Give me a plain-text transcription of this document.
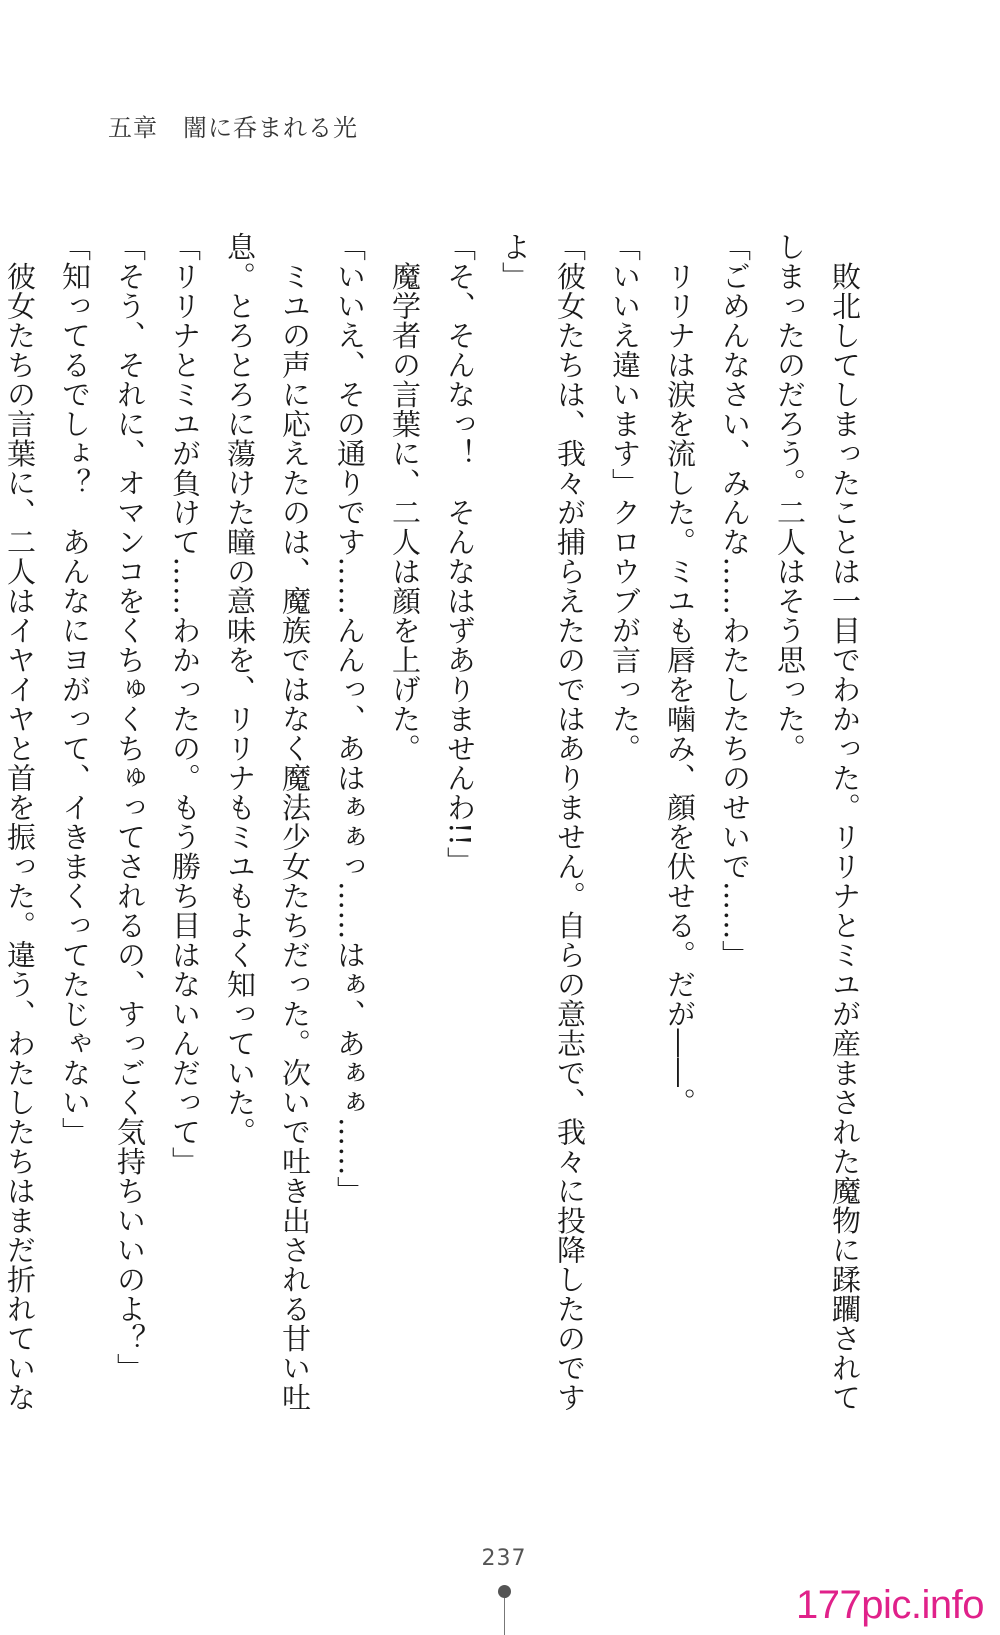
五章　闇に呑まれる光
　敗北してしまったことは一目でわかった。リリナとミユが産まされた魔物に蹂躙されて
しまったのだろう。二人はそう思った。
「ごめんなさい、みんな……わたしたちのせいで……」
　リリナは涙を流した。ミユも唇を噛み、顔を伏せる。だが――。
「いいえ違います」クロウブが言った。
「彼女たちは、我々が捕らえたのではありません。自らの意志で、我々に投降したのです
よ」
「そ、そんなっ！　そんなはずありませんわ!!」
　魔学者の言葉に、二人は顔を上げた。
「いいえ、その通りです……んんっ、あはぁぁっ……はぁ、あぁぁ……」
　ミユの声に応えたのは、魔族ではなく魔法少女たちだった。次いで吐き出される甘い吐
息。とろとろに蕩けた瞳の意味を、リリナもミユもよく知っていた。
「リリナとミユが負けて……わかったの。もう勝ち目はないんだって」
「そう、それに、オマンコをくちゅくちゅってされるの、すっごく気持ちいいのよ？」
「知ってるでしょ？　あんなにヨがって、イきまくってたじゃない」
　彼女たちの言葉に、二人はイヤイヤと首を振った。違う、わたしたちはまだ折れていな
237
177pic.info
